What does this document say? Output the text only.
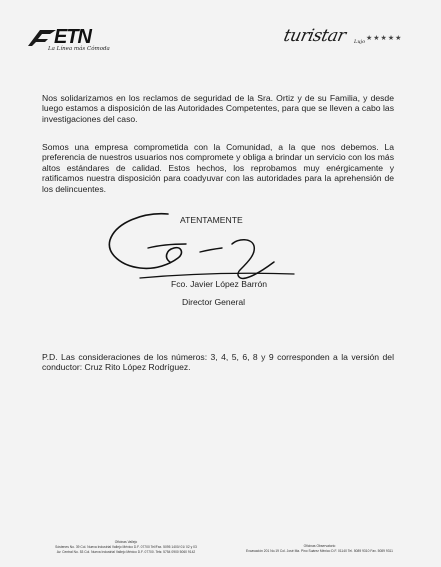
ETN
La Línea más Cómoda
turistar Lujo ★★★★★
Nos solidarizamos en los reclamos de seguridad de la Sra. Ortiz y de su Familia, y desde luego estamos a disposición de las Autoridades Competentes, para que se lleven a cabo las investigaciones del caso.
Somos una empresa comprometida con la Comunidad, a la que nos debemos. La preferencia de nuestros usuarios nos compromete y obliga a brindar un servicio con los más altos estándares de calidad. Estos hechos, los reprobamos muy enérgicamente y ratificamos nuestra disposición para coadyuvar con las autoridades para la aprehensión de los delincuentes.
ATENTAMENTE
Fco. Javier López Barrón
Director General
P.D. Las consideraciones de los números: 3, 4, 5, 6, 8 y 9 corresponden a la versión del conductor: Cruz Rito López Rodríguez.
Oficinas Vallejo
Sóstenes No. 39 Col. Nueva Industrial Vallejo México D.F. 07700 Tel/Fax. 5095 1400/ 01/ 02 y 03
Av. Central No. 53 Col. Nueva Industrial Vallejo México D.F. 07700. Tels: 5754 0900 5060 9142
Oficinas Observatorio
Excavación 201 No.19 Col. José Ma. Pino Suárez México D.F. 01140 Tel. 5089 9310 Fax. 5089 9311
